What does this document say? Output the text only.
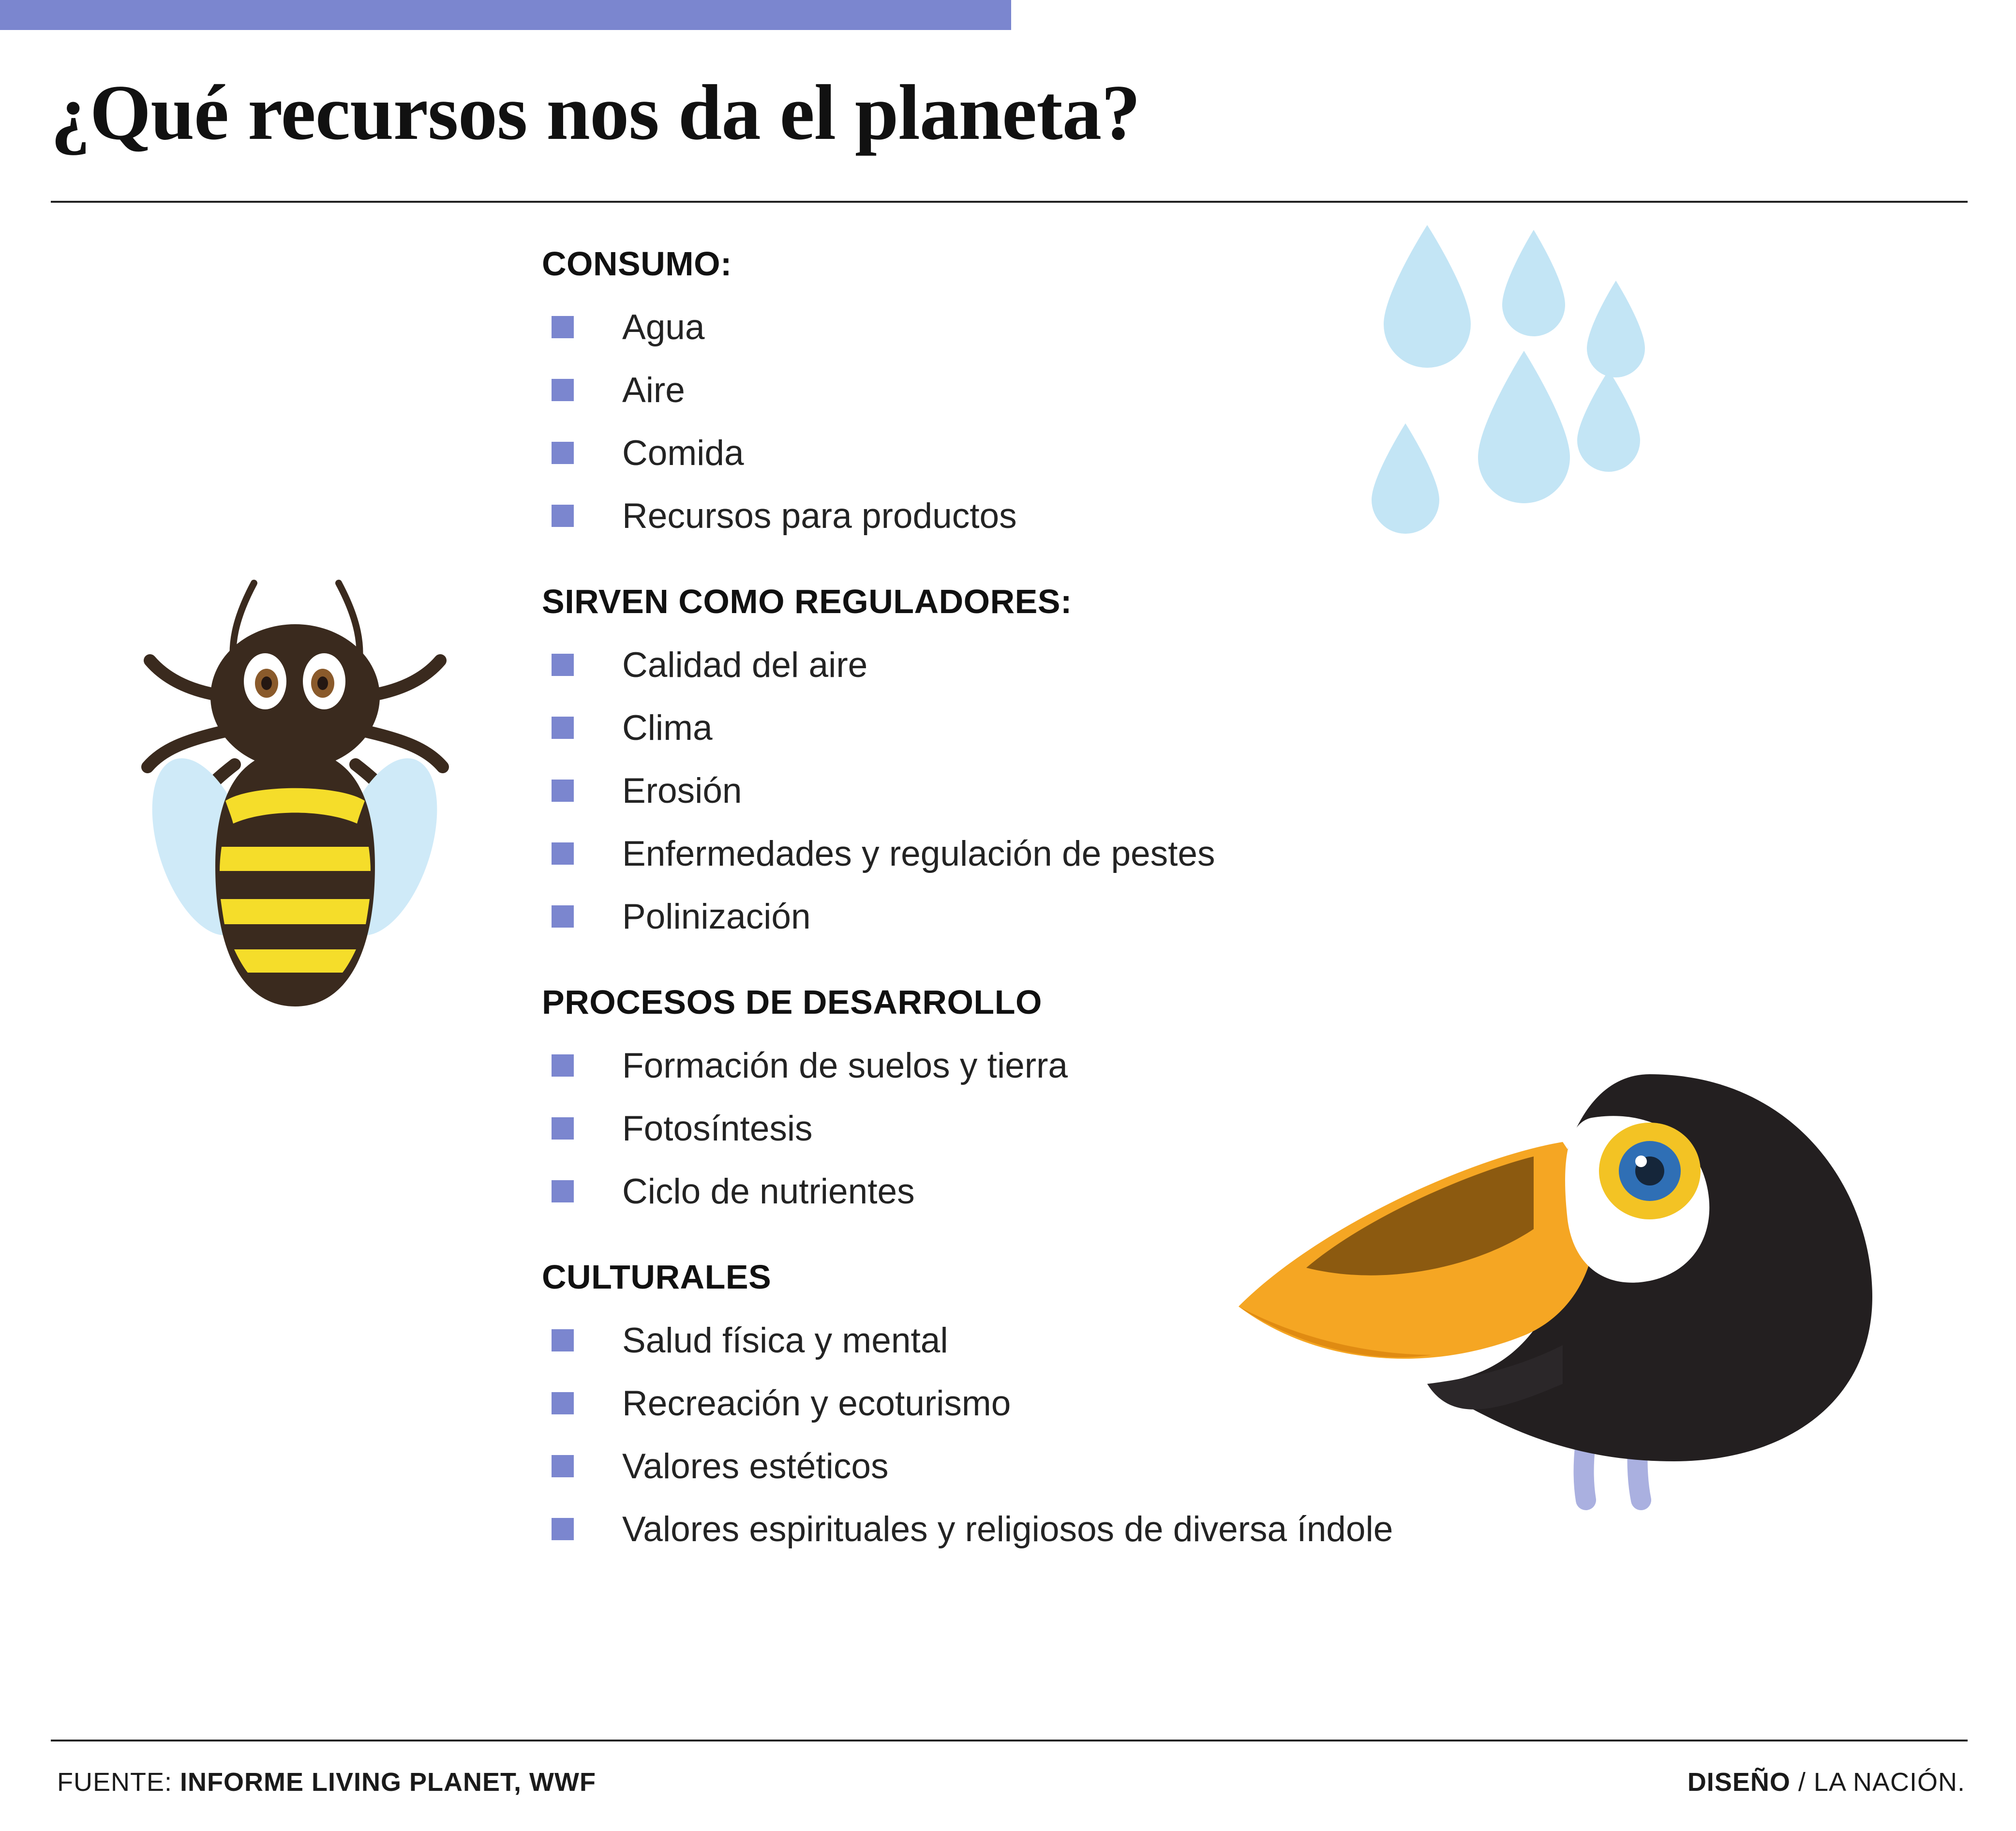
¿Qué recursos nos da el planeta?
CONSUMO:
Agua
Aire
Comida
Recursos para productos
SIRVEN COMO REGULADORES:
Calidad del aire
Clima
Erosión
Enfermedades y regulación de pestes
Polinización
PROCESOS DE DESARROLLO
Formación de suelos y tierra
Fotosíntesis
Ciclo de nutrientes
CULTURALES
Salud física y mental
Recreación y ecoturismo
Valores estéticos
Valores espirituales y religiosos de diversa índole
FUENTE: INFORME LIVING PLANET, WWF	DISEÑO / LA NACIÓN.
